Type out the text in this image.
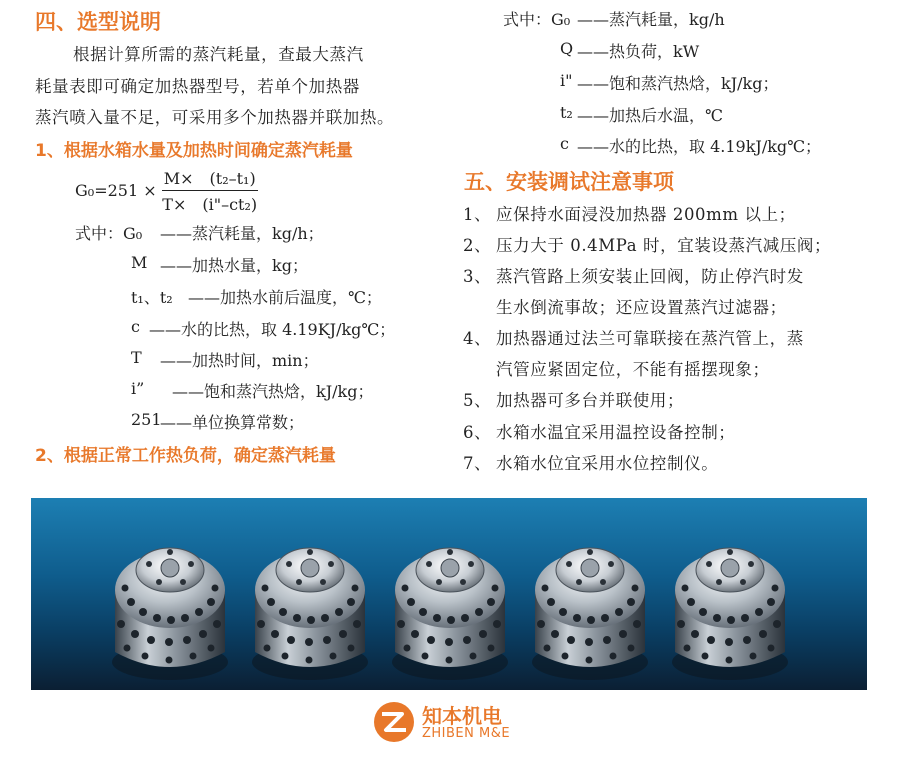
四、选型说明
根据计算所需的蒸汽耗量，查最大蒸汽
耗量表即可确定加热器型号，若单个加热器
蒸汽喷入量不足，可采用多个加热器并联加热。
1、根据水箱水量及加热时间确定蒸汽耗量
$G_0=251 \times \frac{\text{M×　(t₂–t₁)}}{\text{T×　(i"–ct₂)}}$
式中：G₀ ——蒸汽耗量，kg/h；
M ——加热水量，kg；
t₁、t₂ ——加热水前后温度，℃；
c ——水的比热，取 4.19KJ/kg℃；
T ——加热时间，min；
i” ——饱和蒸汽热焓，kJ/kg；
251
——单位换算常数；
2、根据正常工作热负荷，确定蒸汽耗量
式中：G₀ ——蒸汽耗量，kg/h
Q ——热负荷，kW
i" ——饱和蒸汽热焓，kJ/kg；
t₂ ——加热后水温，℃
c ——水的比热，取 4.19kJ/kg℃；
五、安装调试注意事项
1、 应保持水面浸没加热器 200mm 以上；
2、 压力大于 0.4MPa 时，宜装设蒸汽减压阀；
3、 蒸汽管路上须安装止回阀，防止停汽时发
生水倒流事故；还应设置蒸汽过滤器；
4、 加热器通过法兰可靠联接在蒸汽管上，蒸
汽管应紧固定位，不能有摇摆现象；
5、 加热器可多台并联使用；
6、 水箱水温宜采用温控设备控制；
7、 水箱水位宜采用水位控制仪。
知本机电
ZHIBEN M&E
